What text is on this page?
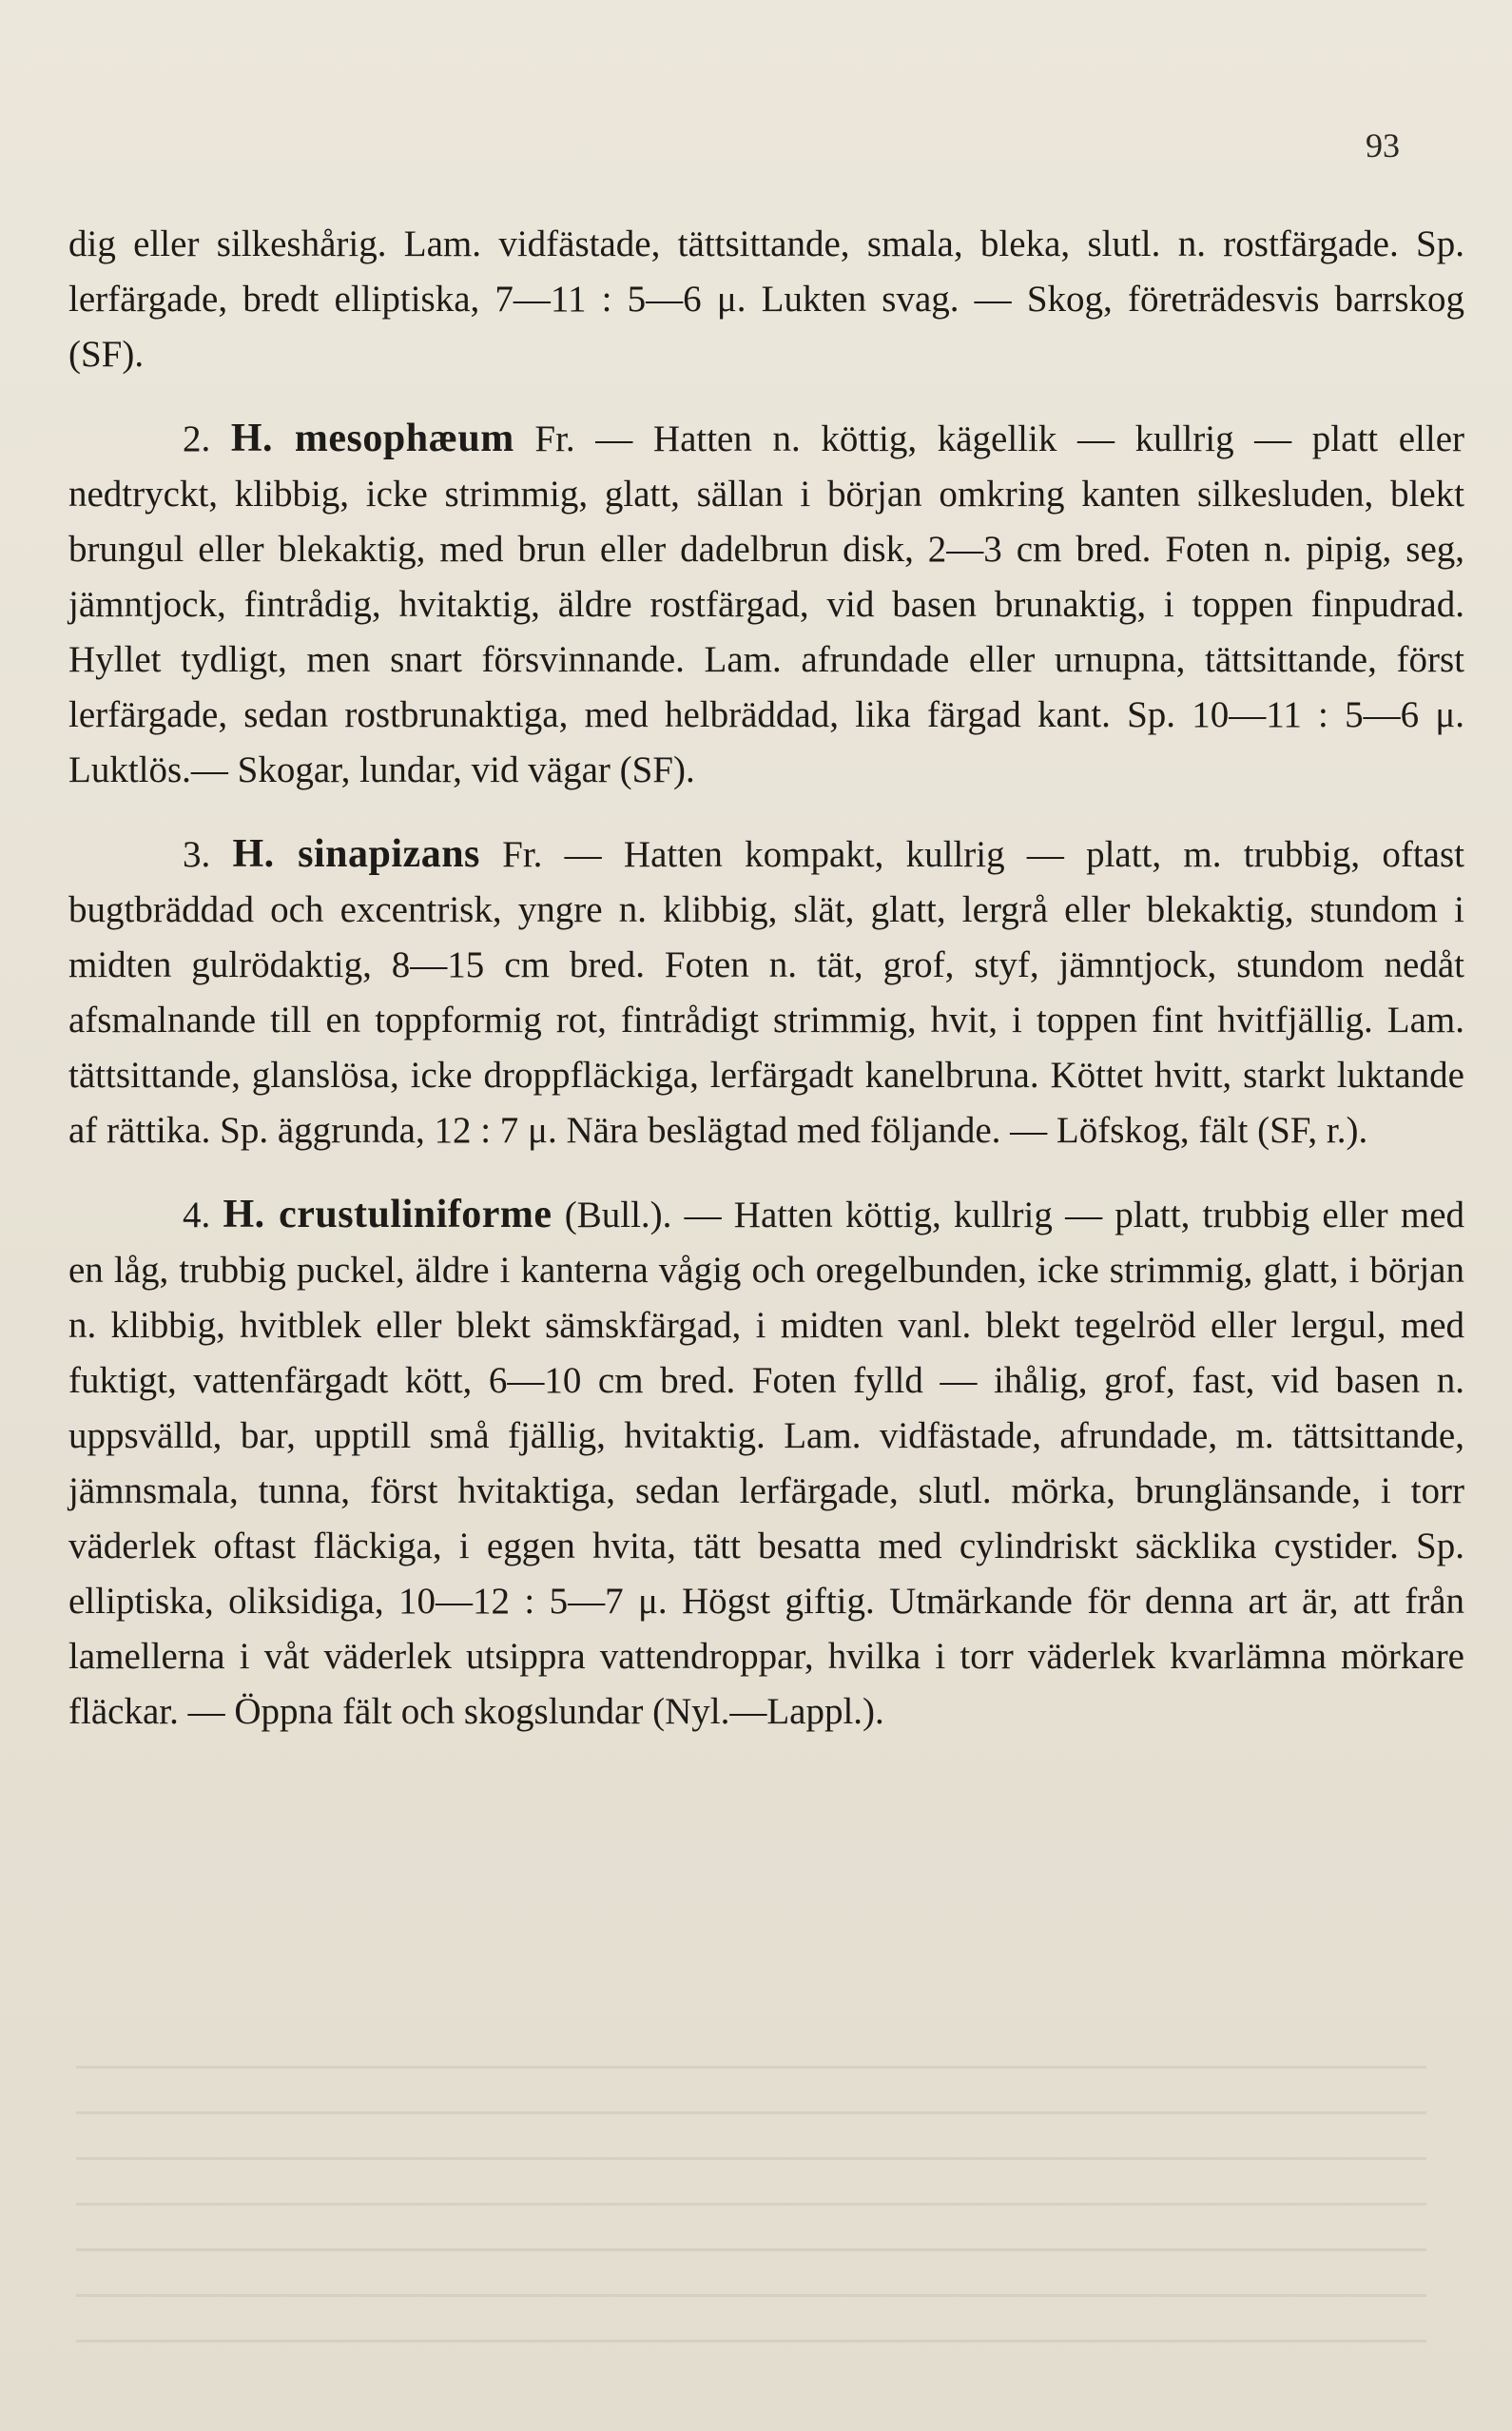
93

dig eller silkeshårig. Lam. vidfästade, tättsittande, smala, bleka, slutl. n. rostfärgade. Sp. lerfärgade, bredt elliptiska, 7—11 : 5—6 μ. Lukten svag. — Skog, företrädesvis barrskog (SF).

2. H. mesophæum Fr. — Hatten n. köttig, kägellik — kullrig — platt eller nedtryckt, klibbig, icke strimmig, glatt, sällan i början omkring kanten silkesluden, blekt brungul eller blekaktig, med brun eller dadelbrun disk, 2—3 cm bred. Foten n. pipig, seg, jämntjock, fintrådig, hvitaktig, äldre rostfärgad, vid basen brunaktig, i toppen finpudrad. Hyllet tydligt, men snart försvinnande. Lam. afrundade eller urnupna, tättsittande, först lerfärgade, sedan rostbrunaktiga, med helbräddad, lika färgad kant. Sp. 10—11 : 5—6 μ. Luktlös.— Skogar, lundar, vid vägar (SF).

3. H. sinapizans Fr. — Hatten kompakt, kullrig — platt, m. trubbig, oftast bugtbräddad och excentrisk, yngre n. klibbig, slät, glatt, lergrå eller blekaktig, stundom i midten gulrödaktig, 8—15 cm bred. Foten n. tät, grof, styf, jämntjock, stundom nedåt afsmalnande till en toppformig rot, fintrådigt strimmig, hvit, i toppen fint hvitfjällig. Lam. tättsittande, glanslösa, icke droppfläckiga, lerfärgadt kanelbruna. Köttet hvitt, starkt luktande af rättika. Sp. äggrunda, 12 : 7 μ. Nära beslägtad med följande. — Löfskog, fält (SF, r.).

4. H. crustuliniforme (Bull.). — Hatten köttig, kullrig — platt, trubbig eller med en låg, trubbig puckel, äldre i kanterna vågig och oregelbunden, icke strimmig, glatt, i början n. klibbig, hvitblek eller blekt sämskfärgad, i midten vanl. blekt tegelröd eller lergul, med fuktigt, vattenfärgadt kött, 6—10 cm bred. Foten fylld — ihålig, grof, fast, vid basen n. uppsvälld, bar, upptill små fjällig, hvitaktig. Lam. vidfästade, afrundade, m. tättsittande, jämnsmala, tunna, först hvitaktiga, sedan lerfärgade, slutl. mörka, brunglänsande, i torr väderlek oftast fläckiga, i eggen hvita, tätt besatta med cylindriskt säcklika cystider. Sp. elliptiska, oliksidiga, 10—12 : 5—7 μ. Högst giftig. Utmärkande för denna art är, att från lamellerna i våt väderlek utsippra vattendroppar, hvilka i torr väderlek kvarlämna mörkare fläckar. — Öppna fält och skogslundar (Nyl.—Lappl.).
